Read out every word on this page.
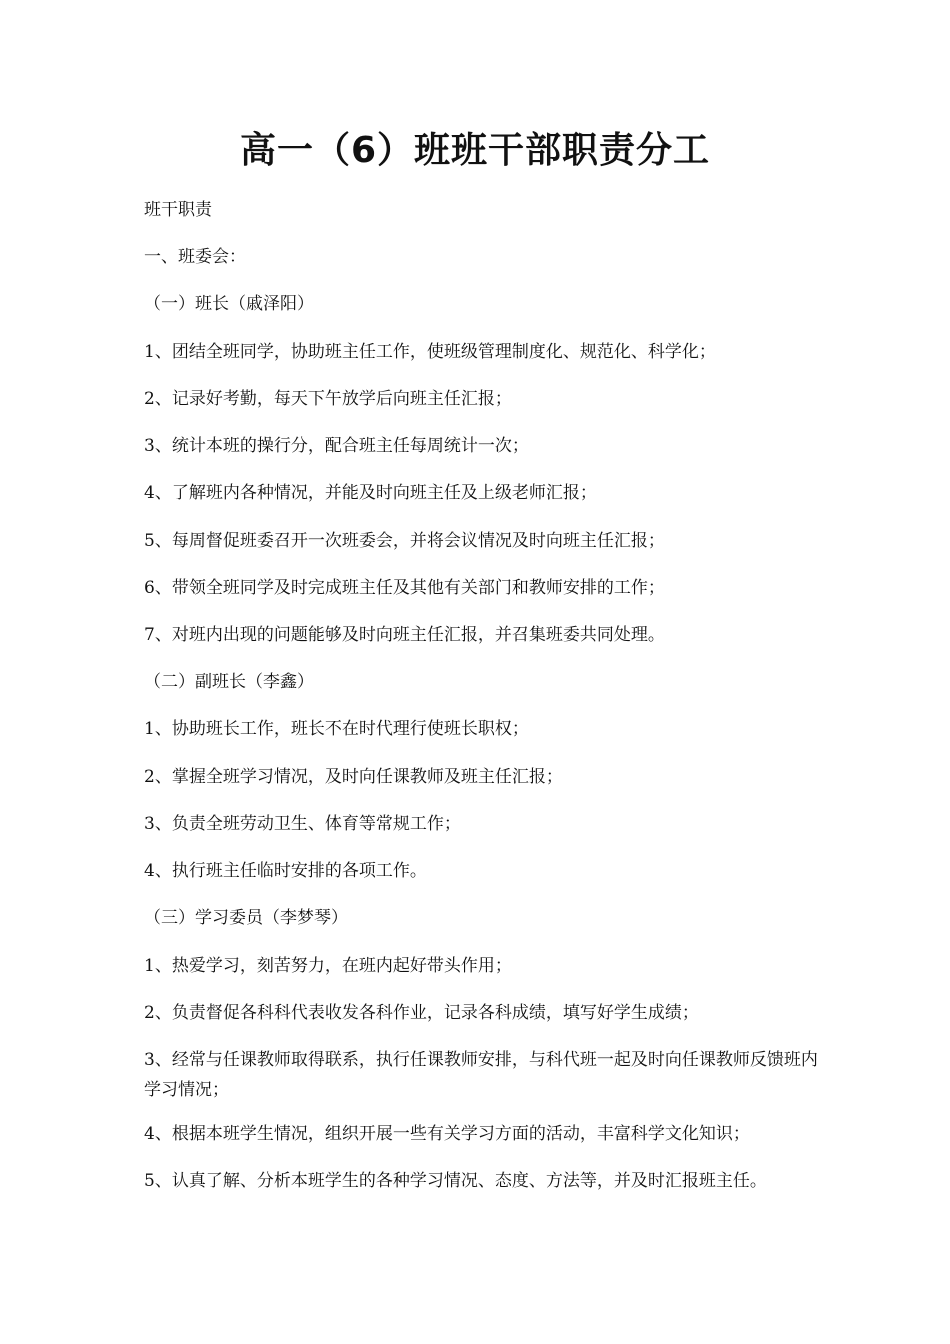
高一（6）班班干部职责分工
班干职责
一、班委会：
（一）班长（戚泽阳）
1、团结全班同学，协助班主任工作，使班级管理制度化、规范化、科学化；
2、记录好考勤，每天下午放学后向班主任汇报；
3、统计本班的操行分，配合班主任每周统计一次；
4、了解班内各种情况，并能及时向班主任及上级老师汇报；
5、每周督促班委召开一次班委会，并将会议情况及时向班主任汇报；
6、带领全班同学及时完成班主任及其他有关部门和教师安排的工作；
7、对班内出现的问题能够及时向班主任汇报，并召集班委共同处理。
（二）副班长（李鑫）
1、协助班长工作，班长不在时代理行使班长职权；
2、掌握全班学习情况，及时向任课教师及班主任汇报；
3、负责全班劳动卫生、体育等常规工作；
4、执行班主任临时安排的各项工作。
（三）学习委员（李梦琴）
1、热爱学习，刻苦努力，在班内起好带头作用；
2、负责督促各科科代表收发各科作业，记录各科成绩，填写好学生成绩；
3、经常与任课教师取得联系，执行任课教师安排，与科代班一起及时向任课教师反馈班内学习情况；
4、根据本班学生情况，组织开展一些有关学习方面的活动，丰富科学文化知识；
5、认真了解、分析本班学生的各种学习情况、态度、方法等，并及时汇报班主任。
